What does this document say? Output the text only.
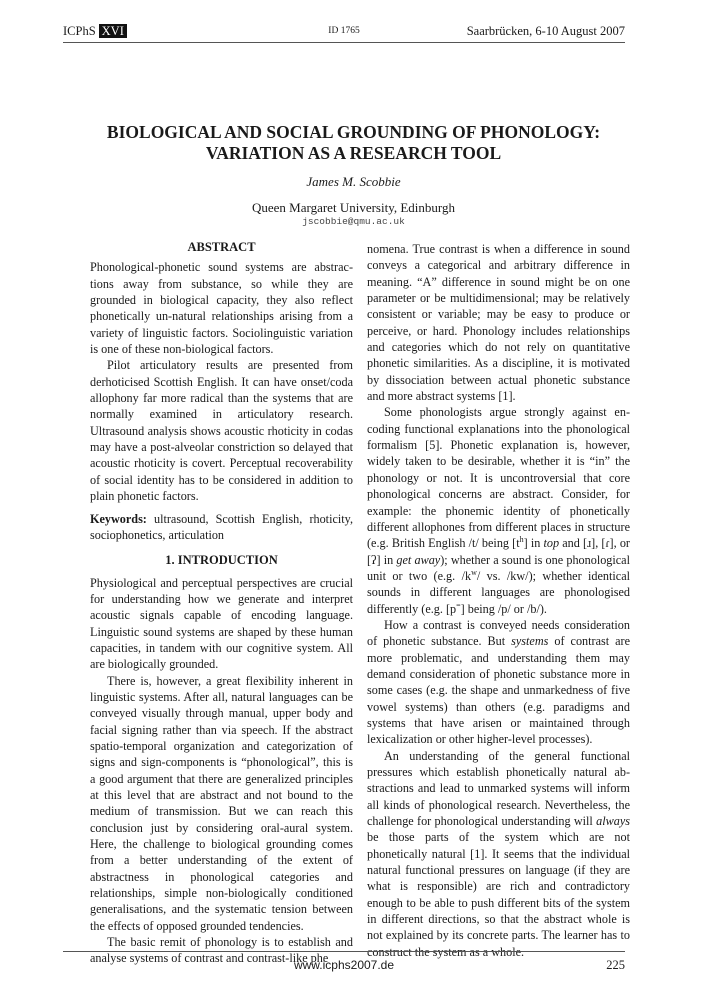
ICPhS XVI	ID 1765	Saarbrücken, 6-10 August 2007
BIOLOGICAL AND SOCIAL GROUNDING OF PHONOLOGY:
VARIATION AS A RESEARCH TOOL
James M. Scobbie
Queen Margaret University, Edinburgh
jscobbie@qmu.ac.uk
ABSTRACT

Phonological-phonetic sound systems are abstractions away from substance, so while they are grounded in biological capacity, they also reflect phonetically un-natural relationships arising from a variety of linguistic factors. Sociolinguistic variation is one of these non-biological factors.

Pilot articulatory results are presented from derhoticised Scottish English. It can have onset/coda allophony far more radical than the systems that are normally examined in articulatory research. Ultrasound analysis shows acoustic rhoticity in codas may have a post-alveolar constriction so delayed that acoustic rhoticity is covert. Perceptual recoverability of social identity has to be considered in addition to plain phonetic factors.

Keywords: ultrasound, Scottish English, rhoticity, sociophonetics, articulation

1. INTRODUCTION

Physiological and perceptual perspectives are crucial for understanding how we generate and interpret acoustic signals capable of encoding language. Linguistic sound systems are shaped by these human capacities, in tandem with our cognitive system. All are biologically grounded.

There is, however, a great flexibility inherent in linguistic systems. After all, natural languages can be conveyed visually through manual, upper body and facial signing rather than via speech. If the abstract spatio-temporal organization and categorization of signs and sign-components is “phonological”, this is a good argument that there are generalized principles at this level that are abstract and not bound to the medium of transmission. But we can reach this conclusion just by considering oral-aural system. Here, the challenge to biological grounding comes from a better understanding of the extent of abstractness in phonological categories and relationships, simple non-biologically conditioned generalisations, and the systematic tension between the effects of opposed grounded tendencies.

The basic remit of phonology is to establish and analyse systems of contrast and contrast-like phe

nomena. True contrast is when a difference in sound conveys a categorical and arbitrary difference in meaning. “A” difference in sound might be on one parameter or be multidimensional; may be relatively consistent or variable; may be easy to produce or perceive, or hard. Phonology includes relationships and categories which do not rely on quantitative phonetic similarities. As a discipline, it is motivated by dissociation between actual phonetic substance and more abstract systems [1].

Some phonologists argue strongly against encoding functional explanations into the phonological formalism [5]. Phonetic explanation is, however, widely taken to be desirable, whether it is “in” the phonology or not. It is uncontroversial that core phonological concerns are abstract. Consider, for example: the phonemic identity of phonetically different allophones from different places in structure (e.g. British English /t/ being $[t^h]$ in top and [ɹ], [ɾ], or [ʔ] in get away); whether a sound is one phonological unit or two (e.g. $/k^w/$ vs. /kw/); whether identical sounds in different languages are phonologised differently (e.g. [p=] being /p/ or /b/).

How a contrast is conveyed needs consideration of phonetic substance. But systems of contrast are more problematic, and understanding them may demand consideration of phonetic substance more in some cases (e.g. the shape and unmarkedness of five vowel systems) than others (e.g. paradigms and systems that have arisen or maintained through lexicalization or other higher-level processes).

An understanding of the general functional pressures which establish phonetically natural abstractions and lead to unmarked systems will inform all kinds of phonological research. Nevertheless, the challenge for phonological understanding will always be those parts of the system which are not phonetically natural [1]. It seems that the individual natural functional pressures on language (if they are what is responsible) are rich and contradictory enough to be able to push different bits of the system in different directions, so that the abstract whole is not explained by its concrete parts. The learner has to construct the system as a whole.

www.icphs2007.de	225
